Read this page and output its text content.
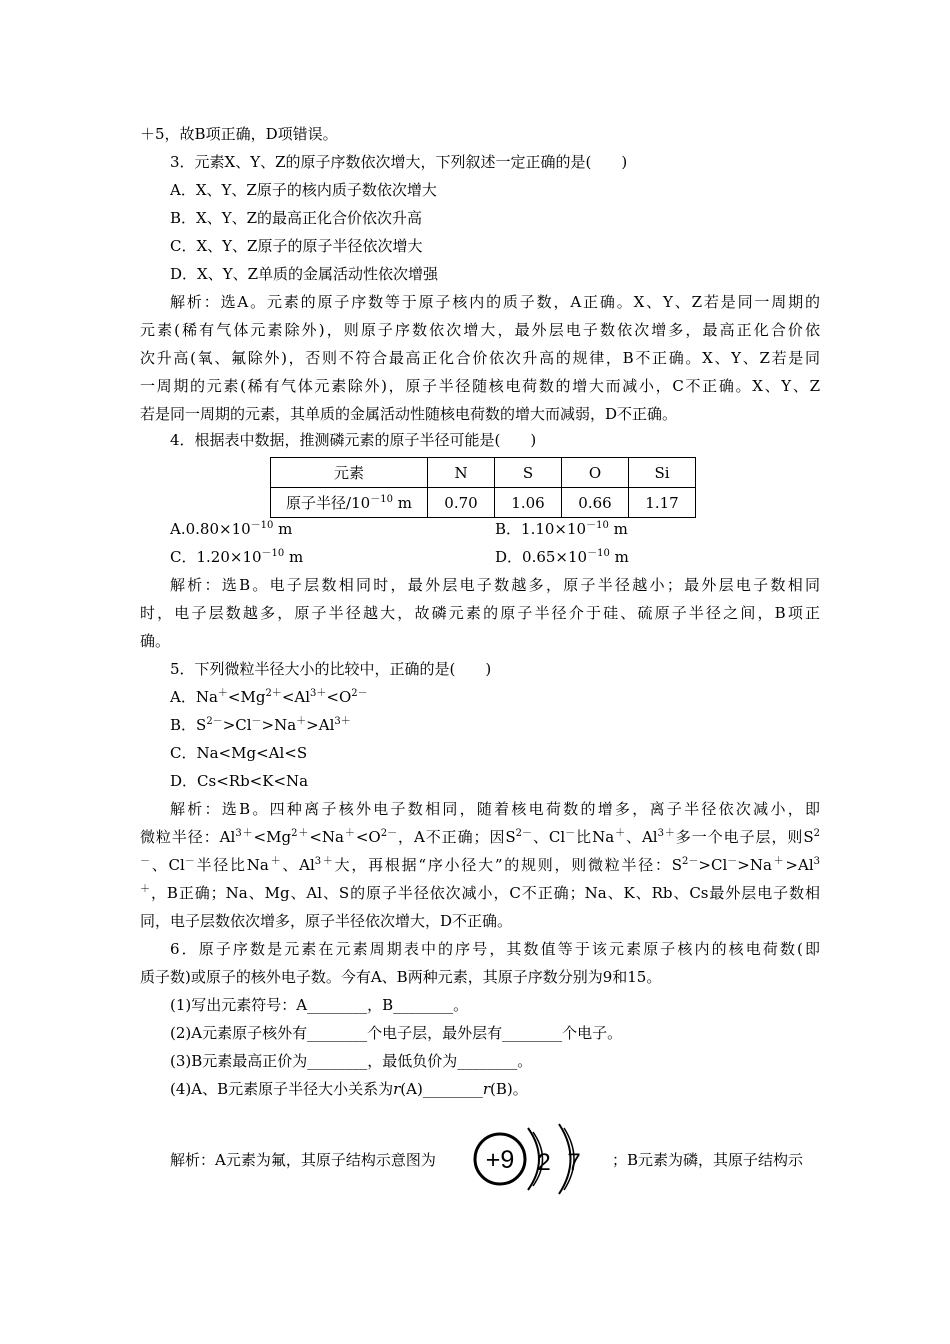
＋5，故B项正确，D项错误。
3．元素X、Y、Z的原子序数依次增大，下列叙述一定正确的是(　　)
A．X、Y、Z原子的核内质子数依次增大
B．X、Y、Z的最高正化合价依次升高
C．X、Y、Z原子的原子半径依次增大
D．X、Y、Z单质的金属活动性依次增强
解析：选A。元素的原子序数等于原子核内的质子数，A正确。X、Y、Z若是同一周期的
元素(稀有气体元素除外)，则原子序数依次增大，最外层电子数依次增多，最高正化合价依
次升高(氧、氟除外)，否则不符合最高正化合价依次升高的规律，B不正确。X、Y、Z若是同
一周期的元素(稀有气体元素除外)，原子半径随核电荷数的增大而减小，C不正确。X、Y、Z
若是同一周期的元素，其单质的金属活动性随核电荷数的增大而减弱，D不正确。
4．根据表中数据，推测磷元素的原子半径可能是(　　)
元素	N	S	O	Si
原子半径$/10^{-10}$ m	0.70	1.06	0.66	1.17
$A.0.80\times 10^{-10}$ m	B．$1.10\times 10^{-10}$ m
C．$1.20\times 10^{-10}$ m	D．$0.65\times 10^{-10}$ m
解析：选B。电子层数相同时，最外层电子数越多，原子半径越小；最外层电子数相同
时，电子层数越多，原子半径越大，故磷元素的原子半径介于硅、硫原子半径之间，B项正
确。
5．下列微粒半径大小的比较中，正确的是(　　)
A．$Na^+<Mg^{2+}<Al^{3+}<O^{2-}$
B．$S^{2-}>Cl^->Na^+>Al^{3+}$
C．Na<Mg<Al<S
D．Cs<Rb<K<Na
解析：选B。四种离子核外电子数相同，随着核电荷数的增多，离子半径依次减小，即
微粒半径：$Al^{3+}<Mg^{2+}<Na^+<O^{2-}$，A不正确；因$S^{2-}$、Cl－比Na＋、$Al^{3+}$多一个电子层，则$S^2$
－、Cl－半径比Na＋、$Al^{3+}$大，再根据“序小径大”的规则，则微粒半径：$S^{2-}>Cl^->Na^+>Al^3$
＋，B正确；Na、Mg、Al、S的原子半径依次减小，C不正确；Na、K、Rb、Cs最外层电子数相
同，电子层数依次增多，原子半径依次增大，D不正确。
6．原子序数是元素在元素周期表中的序号，其数值等于该元素原子核内的核电荷数(即
质子数)或原子的核外电子数。今有A、B两种元素，其原子序数分别为9和15。
(1)写出元素符号：A________，B________。
(2)A元素原子核外有________个电子层，最外层有________个电子。
(3)B元素最高正价为________，最低负价为________。
(4)A、B元素原子半径大小关系为r(A)________r(B)。
解析：A元素为氟，其原子结构示意图为 +9 2 7 ；B元素为磷，其原子结构示
